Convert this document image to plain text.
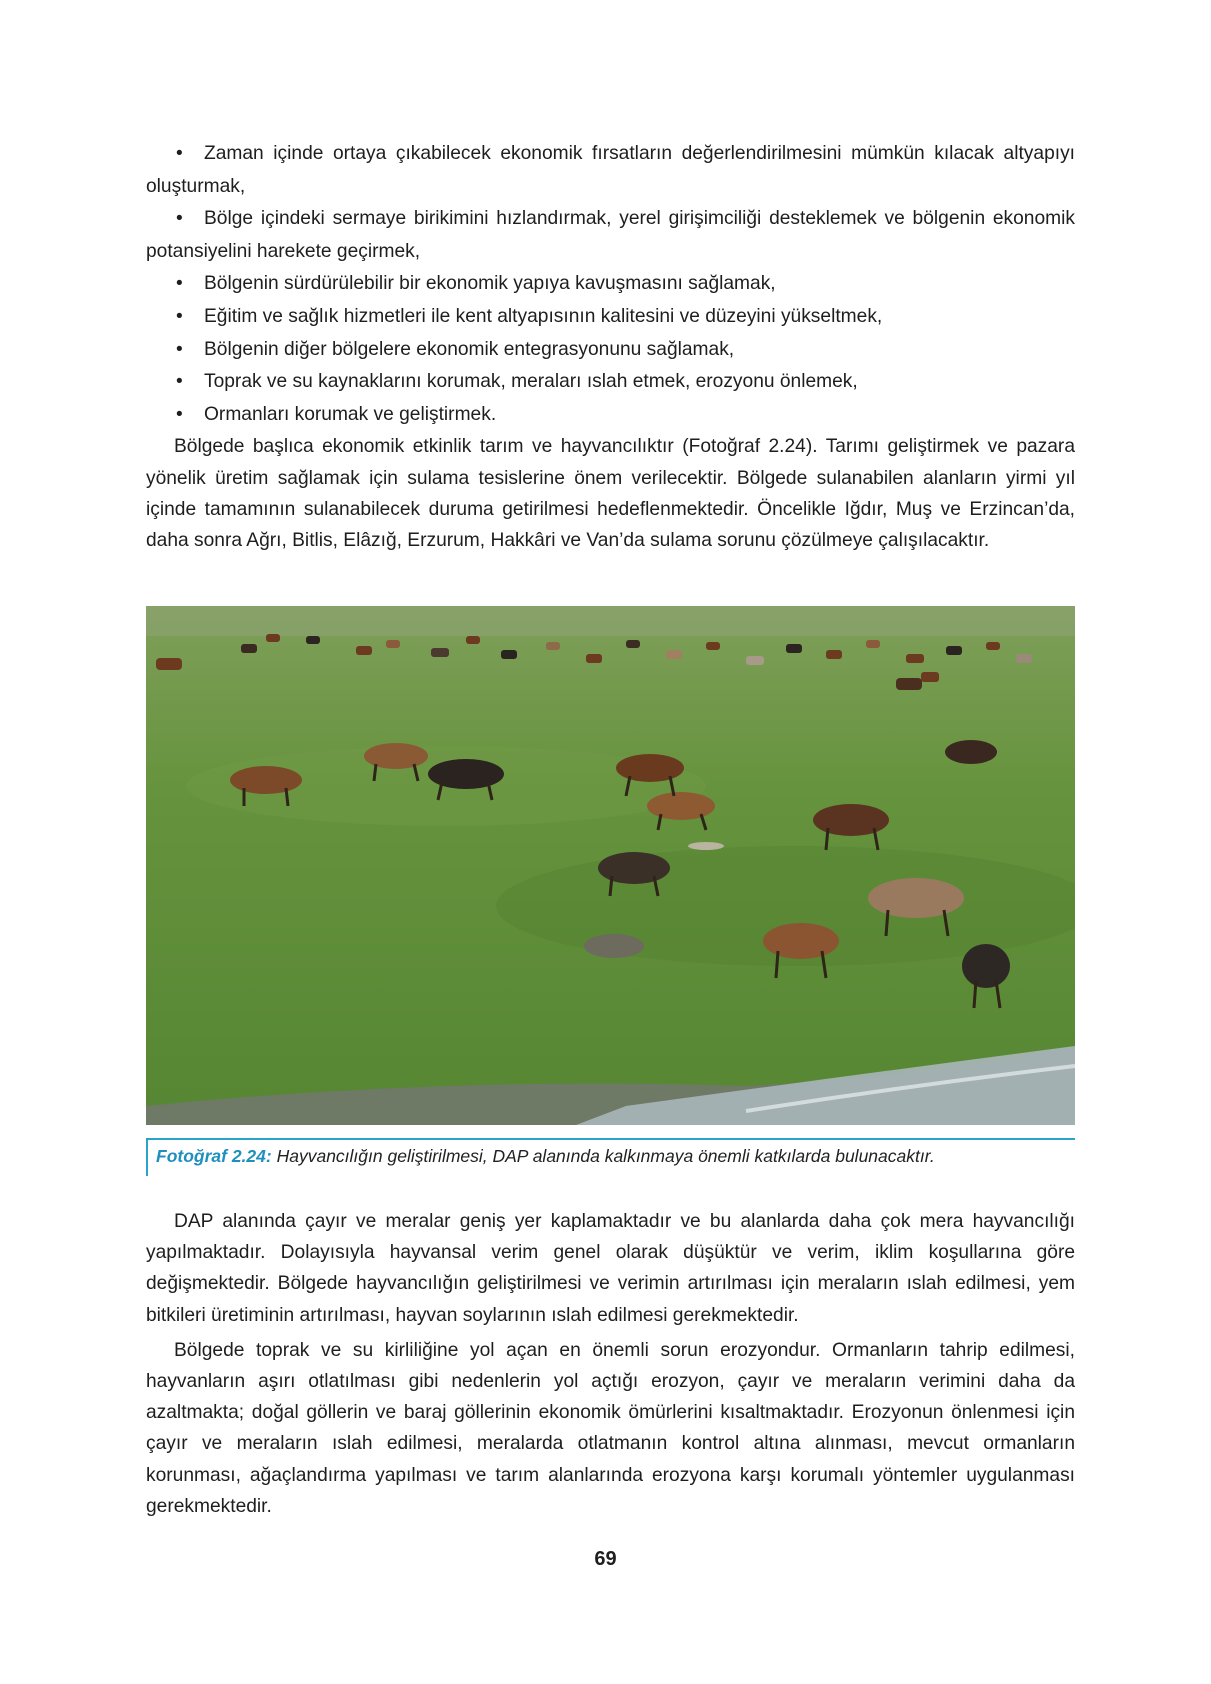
• Zaman içinde ortaya çıkabilecek ekonomik fırsatların değerlendirilmesini mümkün kılacak altyapıyı oluşturmak,
• Bölge içindeki sermaye birikimini hızlandırmak, yerel girişimciliği desteklemek ve bölgenin ekonomik potansiyelini harekete geçirmek,
• Bölgenin sürdürülebilir bir ekonomik yapıya kavuşmasını sağlamak,
• Eğitim ve sağlık hizmetleri ile kent altyapısının kalitesini ve düzeyini yükseltmek,
• Bölgenin diğer bölgelere ekonomik entegrasyonunu sağlamak,
• Toprak ve su kaynaklarını korumak, meraları ıslah etmek, erozyonu önlemek,
• Ormanları korumak ve geliştirmek.

Bölgede başlıca ekonomik etkinlik tarım ve hayvancılıktır (Fotoğraf 2.24). Tarımı geliştirmek ve pazara yönelik üretim sağlamak için sulama tesislerine önem verilecektir. Bölgede sulanabilen alanların yirmi yıl içinde tamamının sulanabilecek duruma getirilmesi hedeflenmektedir. Öncelikle Iğdır, Muş ve Erzincan’da, daha sonra Ağrı, Bitlis, Elâzığ, Erzurum, Hakkâri ve Van’da sulama sorunu çözülmeye çalışılacaktır.

Fotoğraf 2.24: Hayvancılığın geliştirilmesi, DAP alanında kalkınmaya önemli katkılarda bulunacaktır.

DAP alanında çayır ve meralar geniş yer kaplamaktadır ve bu alanlarda daha çok mera hayvancılığı yapılmaktadır. Dolayısıyla hayvansal verim genel olarak düşüktür ve verim, iklim koşullarına göre değişmektedir. Bölgede hayvancılığın geliştirilmesi ve verimin artırılması için meraların ıslah edilmesi, yem bitkileri üretiminin artırılması, hayvan soylarının ıslah edilmesi gerekmektedir.

Bölgede toprak ve su kirliliğine yol açan en önemli sorun erozyondur. Ormanların tahrip edilmesi, hayvanların aşırı otlatılması gibi nedenlerin yol açtığı erozyon, çayır ve meraların verimini daha da azaltmakta; doğal göllerin ve baraj göllerinin ekonomik ömürlerini kısaltmaktadır. Erozyonun önlenmesi için çayır ve meraların ıslah edilmesi, meralarda otlatmanın kontrol altına alınması, mevcut ormanların korunması, ağaçlandırma yapılması ve tarım alanlarında erozyona karşı korumalı yöntemler uygulanması gerekmektedir.

69
